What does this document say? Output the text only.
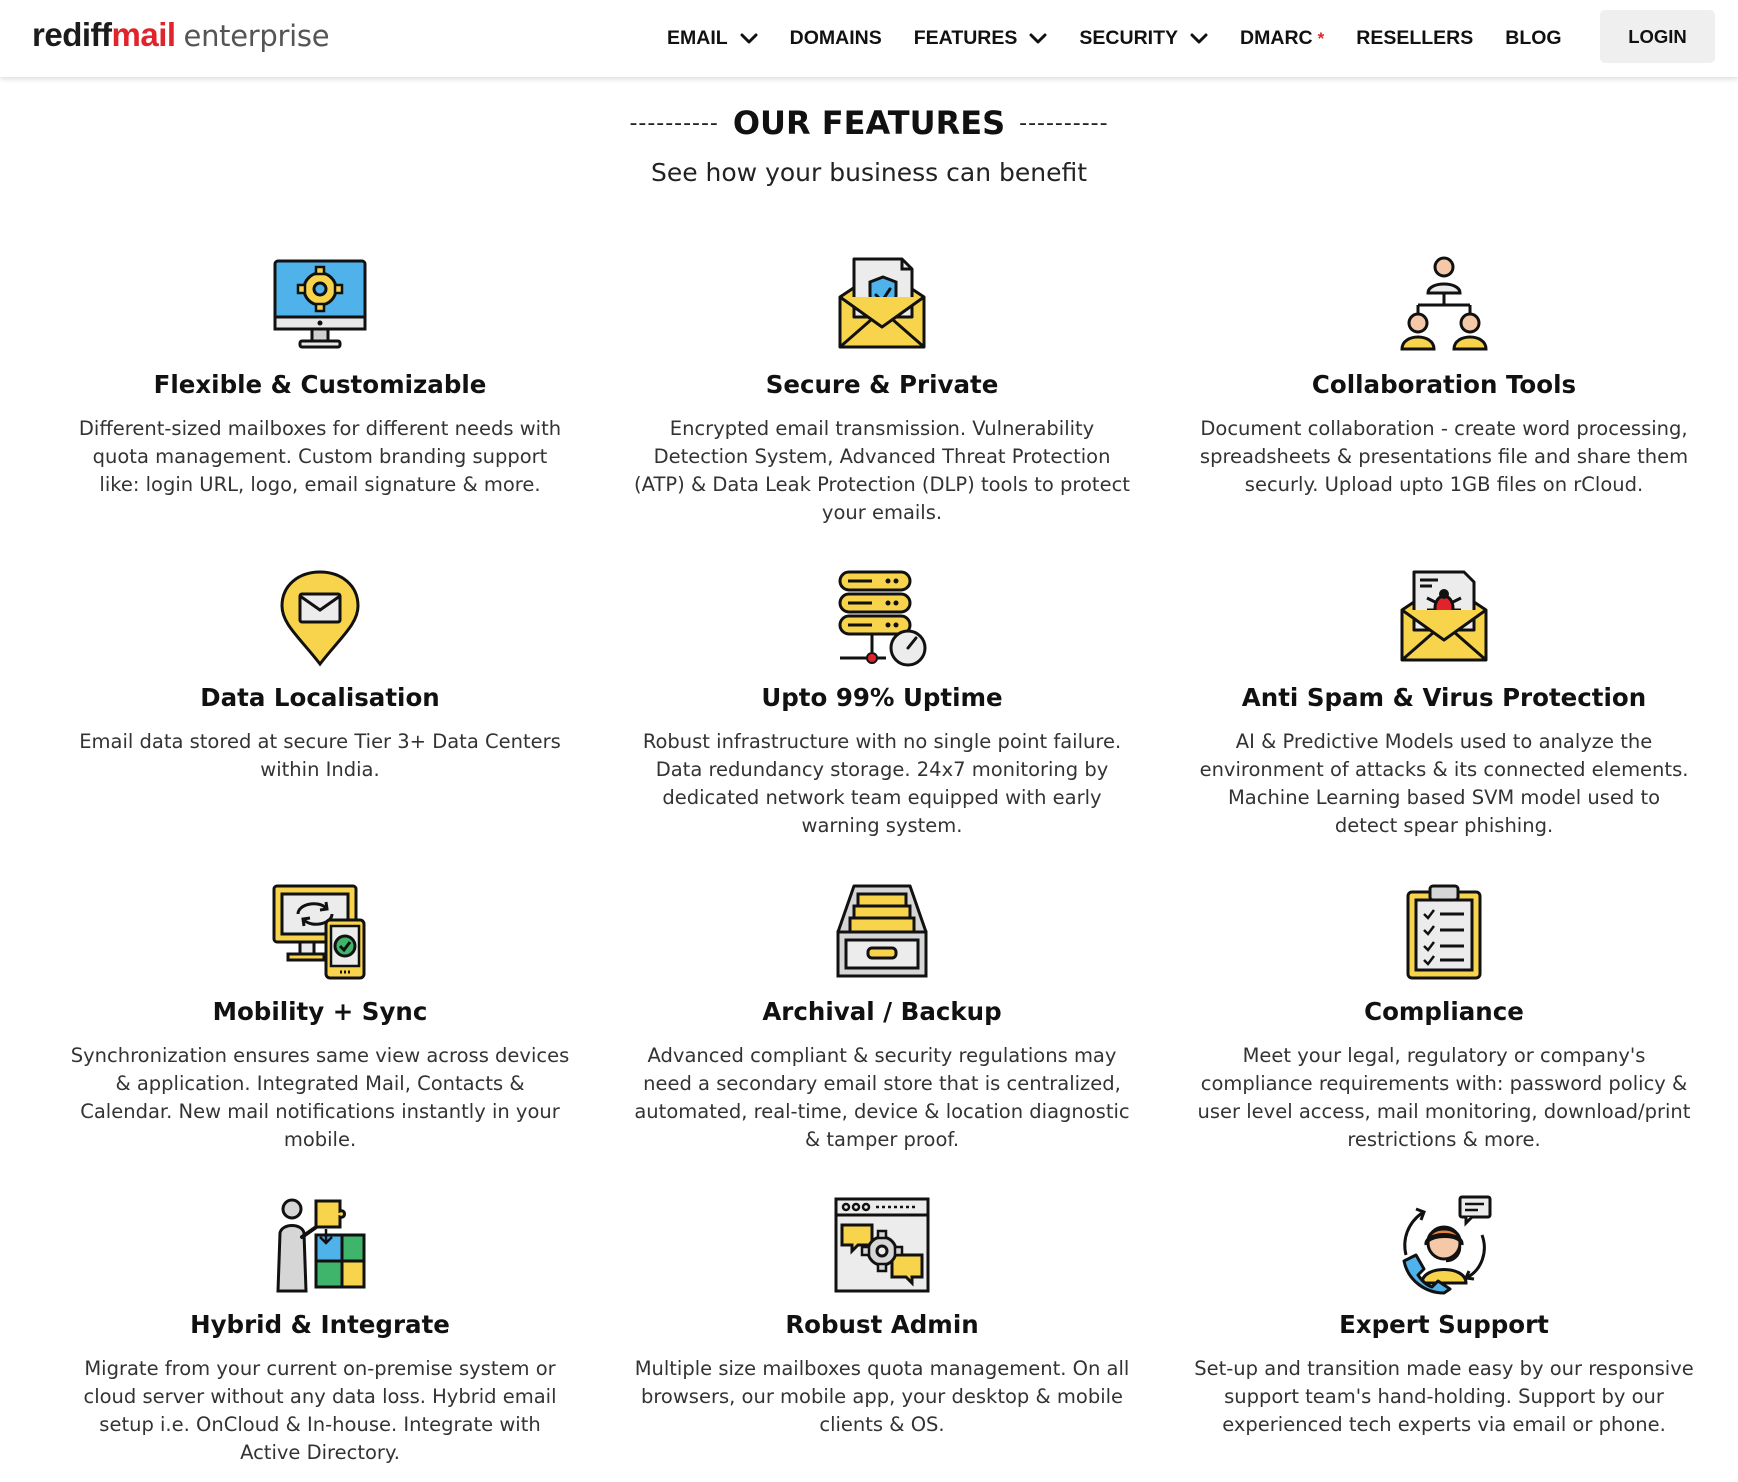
rediff mail enterprise	EMAIL	DOMAINS FEATURES	SECURITY	DMARC * RESELLERS BLOG	LOGIN
---------- OUR FEATURES ----------
See how your business can benefit
Flexible & Customizable
Different-sized mailboxes for different needs with quota management. Custom branding support like: login URL, logo, email signature & more.
Secure & Private
Encrypted email transmission. Vulnerability Detection System, Advanced Threat Protection (ATP) & Data Leak Protection (DLP) tools to protect your emails.
Collaboration Tools
Document collaboration - create word processing, spreadsheets & presentations file and share them securly. Upload upto 1GB files on rCloud.
Data Localisation
Email data stored at secure Tier 3+ Data Centers within India.
Upto 99% Uptime
Robust infrastructure with no single point failure. Data redundancy storage. 24x7 monitoring by dedicated network team equipped with early warning system.
Anti Spam & Virus Protection
AI & Predictive Models used to analyze the environment of attacks & its connected elements. Machine Learning based SVM model used to detect spear phishing.
Mobility + Sync
Synchronization ensures same view across devices & application. Integrated Mail, Contacts & Calendar. New mail notifications instantly in your mobile.
Archival / Backup
Advanced compliant & security regulations may need a secondary email store that is centralized, automated, real-time, device & location diagnostic & tamper proof.
Compliance
Meet your legal, regulatory or company's compliance requirements with: password policy & user level access, mail monitoring, download/print restrictions & more.
Hybrid & Integrate
Migrate from your current on-premise system or cloud server without any data loss. Hybrid email setup i.e. OnCloud & In-house. Integrate with Active Directory.
Robust Admin
Multiple size mailboxes quota management. On all browsers, our mobile app, your desktop & mobile clients & OS.
Expert Support
Set-up and transition made easy by our responsive support team's hand-holding. Support by our experienced tech experts via email or phone.
